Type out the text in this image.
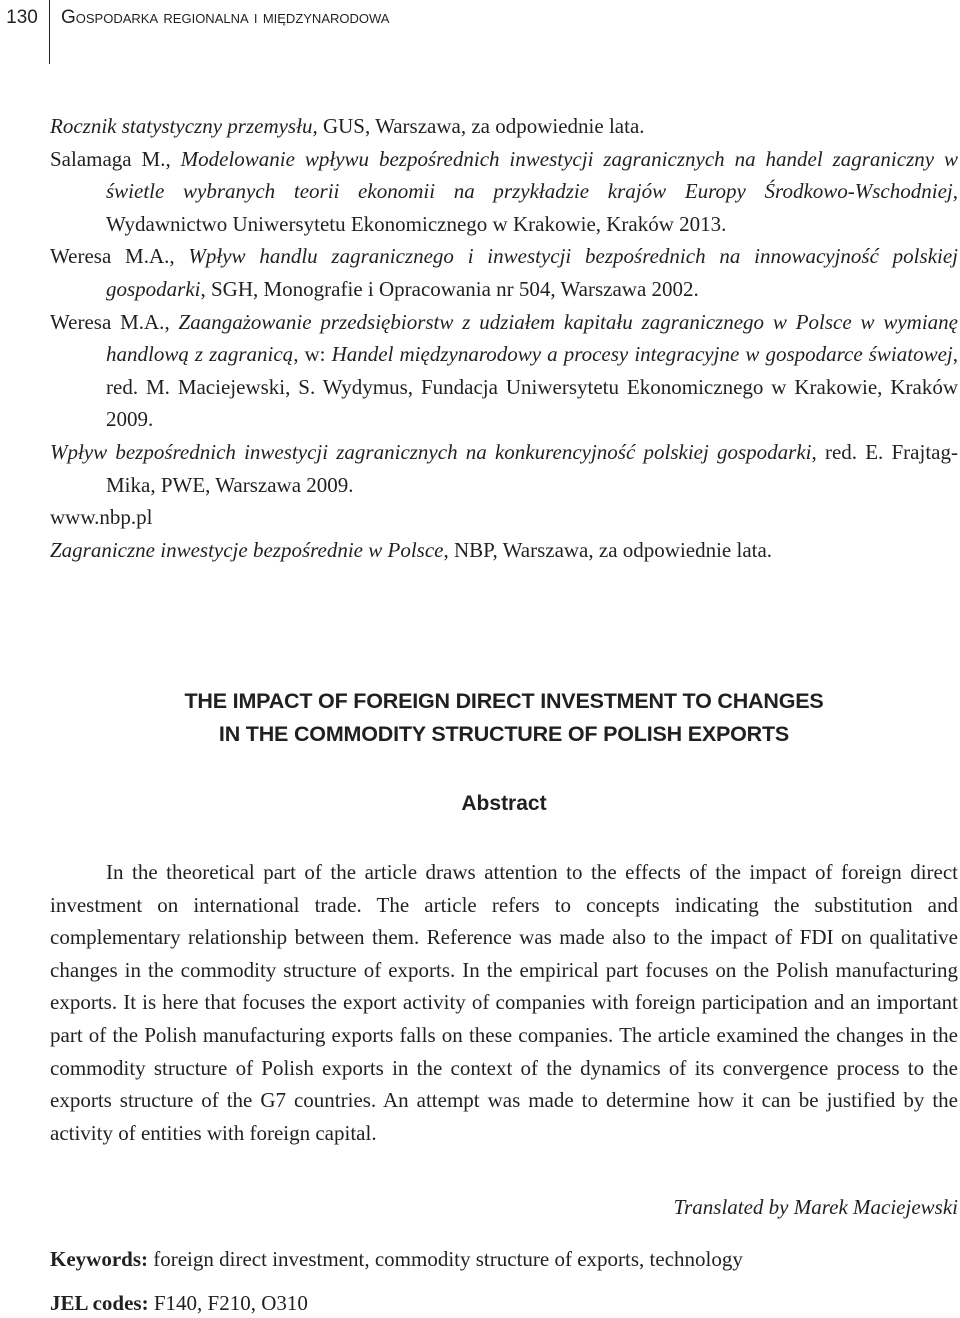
130	Gospodarka regionalna i międzynarodowa
Rocznik statystyczny przemysłu, GUS, Warszawa, za odpowiednie lata.
Salamaga M., Modelowanie wpływu bezpośrednich inwestycji zagranicznych na handel zagraniczny w świetle wybranych teorii ekonomii na przykładzie krajów Europy Środkowo-Wschodniej, Wydawnictwo Uniwersytetu Ekonomicznego w Krakowie, Kraków 2013.
Weresa M.A., Wpływ handlu zagranicznego i inwestycji bezpośrednich na innowacyjność polskiej gospodarki, SGH, Monografie i Opracowania nr 504, Warszawa 2002.
Weresa M.A., Zaangażowanie przedsiębiorstw z udziałem kapitału zagranicznego w Polsce w wymianę handlową z zagranicą, w: Handel międzynarodowy a procesy integracyjne w gospodarce światowej, red. M. Maciejewski, S. Wydymus, Fundacja Uniwersytetu Ekonomicznego w Krakowie, Kraków 2009.
Wpływ bezpośrednich inwestycji zagranicznych na konkurencyjność polskiej gospodarki, red. E. Frajtag-Mika, PWE, Warszawa 2009.
www.nbp.pl
Zagraniczne inwestycje bezpośrednie w Polsce, NBP, Warszawa, za odpowiednie lata.
THE IMPACT OF FOREIGN DIRECT INVESTMENT TO CHANGES
IN THE COMMODITY STRUCTURE OF POLISH EXPORTS
Abstract

In the theoretical part of the article draws attention to the effects of the impact of foreign direct investment on international trade. The article refers to concepts indicating the substitution and complementary relationship between them. Reference was made also to the impact of FDI on qualitative changes in the commodity structure of exports. In the empirical part focuses on the Polish manufacturing exports. It is here that focuses the export activity of companies with foreign participation and an important part of the Polish manufacturing exports falls on these companies. The article examined the changes in the commodity structure of Polish exports in the context of the dynamics of its convergence process to the exports structure of the G7 countries. An attempt was made to determine how it can be justified by the activity of entities with foreign capital.

Translated by Marek Maciejewski

Keywords: foreign direct investment, commodity structure of exports, technology

JEL codes: F140, F210, O310
